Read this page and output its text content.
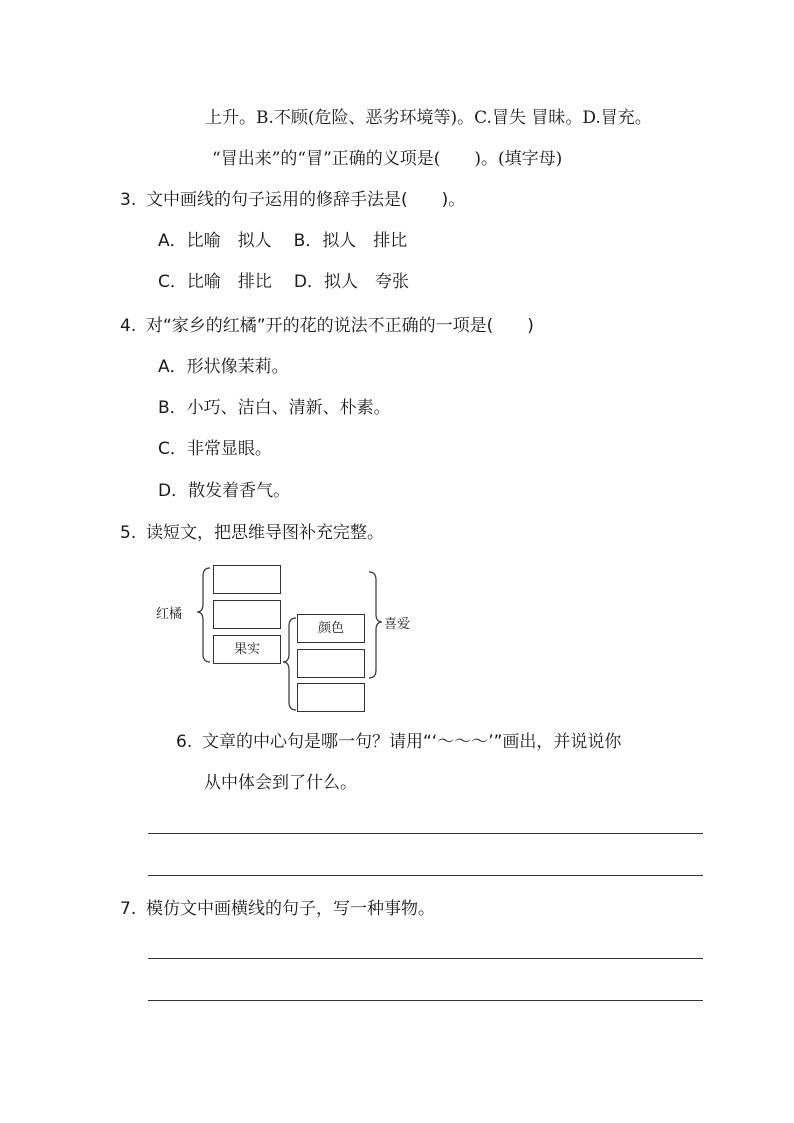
上升。B.不顾(危险、恶劣环境等)。C.冒失 冒昧。D.冒充。
“冒出来”的“冒”正确的义项是(　　)。(填字母)
3. 文中画线的句子运用的修辞手法是(　　)。
A．比喻　拟人 B．拟人　排比
C．比喻　排比 D．拟人　夸张
4. 对“家乡的红橘”开的花的说法不正确的一项是(　　)
A．形状像茉莉。
B．小巧、洁白、清新、朴素。
C．非常显眼。
D．散发着香气。
5. 读短文，把思维导图补充完整。
红橘
果实
颜色	喜爱
6. 文章的中心句是哪一句？请用“‘～～～’”画出，并说说你
从中体会到了什么。
7. 模仿文中画横线的句子，写一种事物。
